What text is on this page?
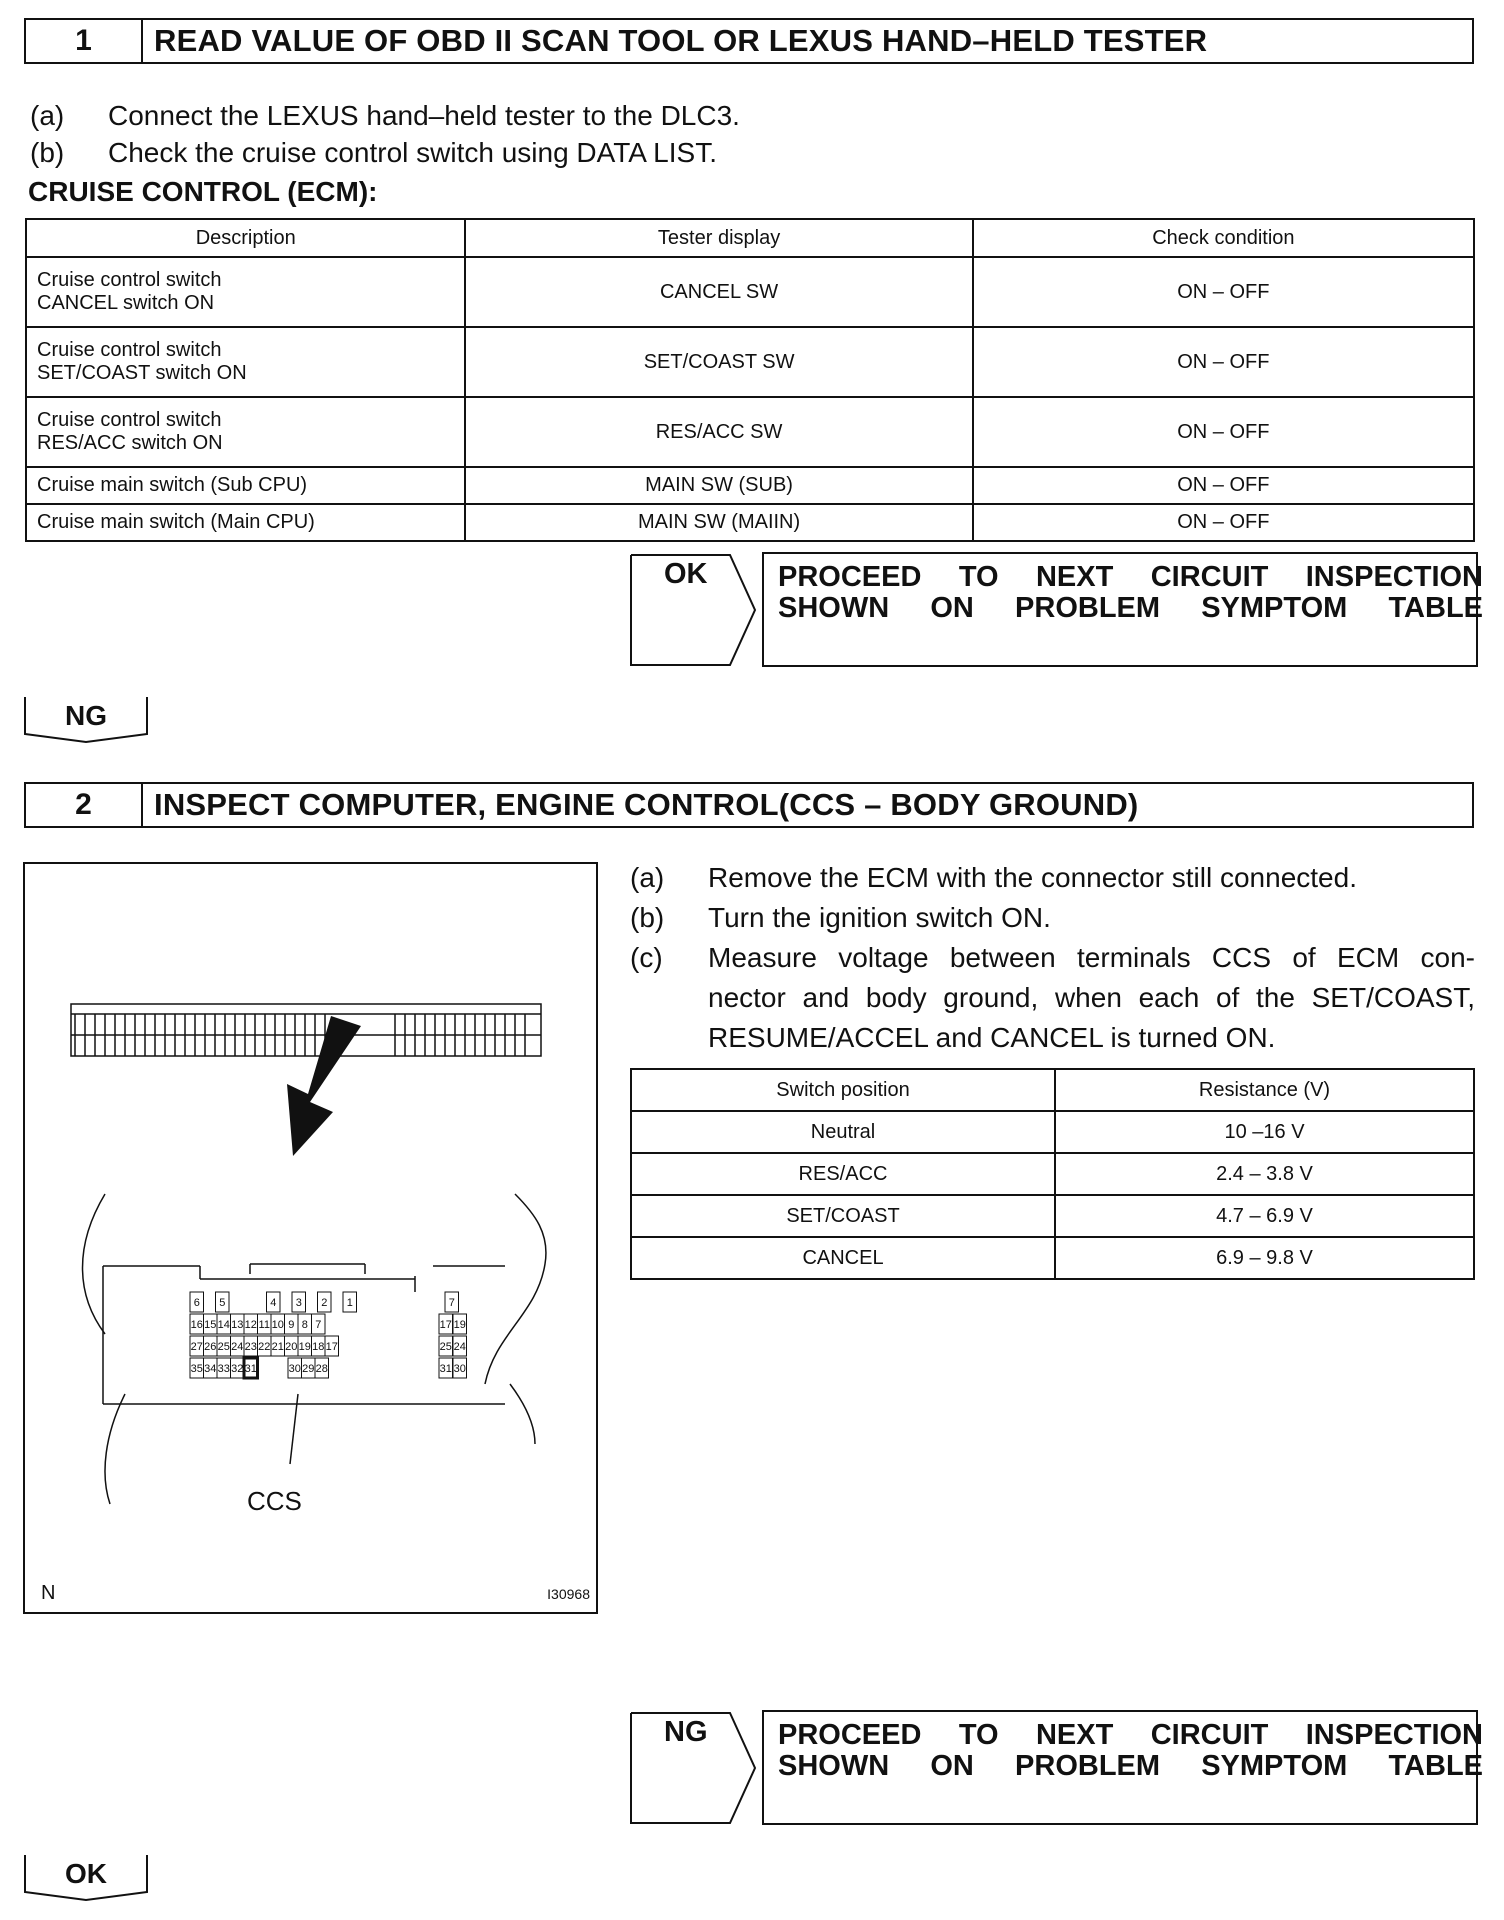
1	READ VALUE OF OBD II SCAN TOOL OR LEXUS HAND–HELD TESTER
(a) Connect the LEXUS hand–held tester to the DLC3.
(b) Check the cruise control switch using DATA LIST.
CRUISE CONTROL (ECM):
Description	Tester display	Check condition

Cruise control switch
CANCEL switch ON	CANCEL SW	ON – OFF

Cruise control switch
SET/COAST switch ON	SET/COAST SW	ON – OFF

Cruise control switch
RES/ACC switch ON	RES/ACC SW	ON – OFF
Cruise main switch (Sub CPU)	MAIN SW (SUB)	ON – OFF
Cruise main switch (Main CPU)	MAIN SW (MAIIN)	ON – OFF
OK PROCEED TO NEXT CIRCUIT INSPECTION SHOWN ON PROBLEM SYMPTOM TABLE
NG
2	INSPECT COMPUTER, ENGINE CONTROL(CCS – BODY GROUND)
6 5	4 3 2 1
16 15 14 13 12 11 10 9 8 7
27 26 25 24 23 22 21 20 19 18 17
35 34 33 32 31	30 29 28
7
17 19
25 24
31 30
CCS
N	I30968
(a) Remove the ECM with the connector still connected.
(b) Turn the ignition switch ON.
(c) Measure voltage between terminals CCS of ECM con-
nector and body ground, when each of the SET/COAST,
RESUME/ACCEL and CANCEL is turned ON.
Switch position	Resistance (V)
Neutral	10 –16 V
RES/ACC	2.4 – 3.8 V
SET/COAST	4.7 – 6.9 V
CANCEL	6.9 – 9.8 V
NG PROCEED TO NEXT CIRCUIT INSPECTION SHOWN ON PROBLEM SYMPTOM TABLE
OK
